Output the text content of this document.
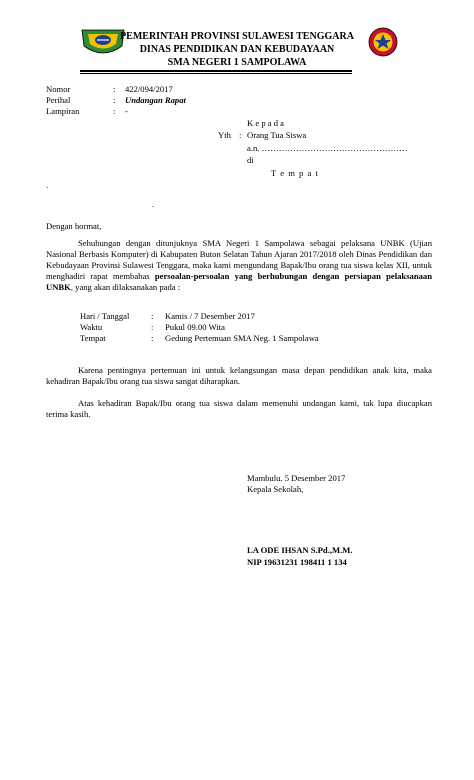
PEMERINTAH PROVINSI SULAWESI TENGGARA
DINAS PENDIDIKAN DAN KEBUDAYAAN
SMA NEGERI 1 SAMPOLAWA
Nomor	: 422/094/2017
Perihal	: Undangan Rapat
Lampiran	: -
K e p a d a
Yth : Orang Tua Siswa
a.n. ……………………………………………
di
T e m p a t
.
.
Dengan hormat,
Sehubungan dengan ditunjuknya SMA Negeri 1 Sampolawa sebagai pelaksana UNBK (Ujian Nasional Berbasis Komputer) di Kabupaten Buton Selatan Tahun Ajaran 2017/2018 oleh Dinas Pendidikan dan Kebudayaan Provinsi Sulawesi Tenggara, maka kami mengundang Bapak/Ibu orang tua siswa kelas XII, untuk menghadiri rapat membahas persoalan-persoalan yang berhubungan dengan persiapan pelaksanaan UNBK, yang akan dilaksanakan pada :
Hari / Tanggal	: Kamis / 7 Desember 2017
Waktu	: Pukul 09.00 Wita
Tempat	: Gedung Pertemuan SMA Neg. 1 Sampolawa
Karena pentingnya pertemuan ini untuk kelangsungan masa depan pendidikan anak kita, maka kehadiran Bapak/Ibu orang tua siswa sangat diharapkan.
Atas kehadiran Bapak/Ibu orang tua siswa dalam memenuhi undangan kami, tak lupa diucapkan terima kasih.
Mambulu. 5 Desember 2017
Kepala Sekolah,
LA ODE IHSAN S.Pd.,M.M.
NIP 19631231 198411 1 134
